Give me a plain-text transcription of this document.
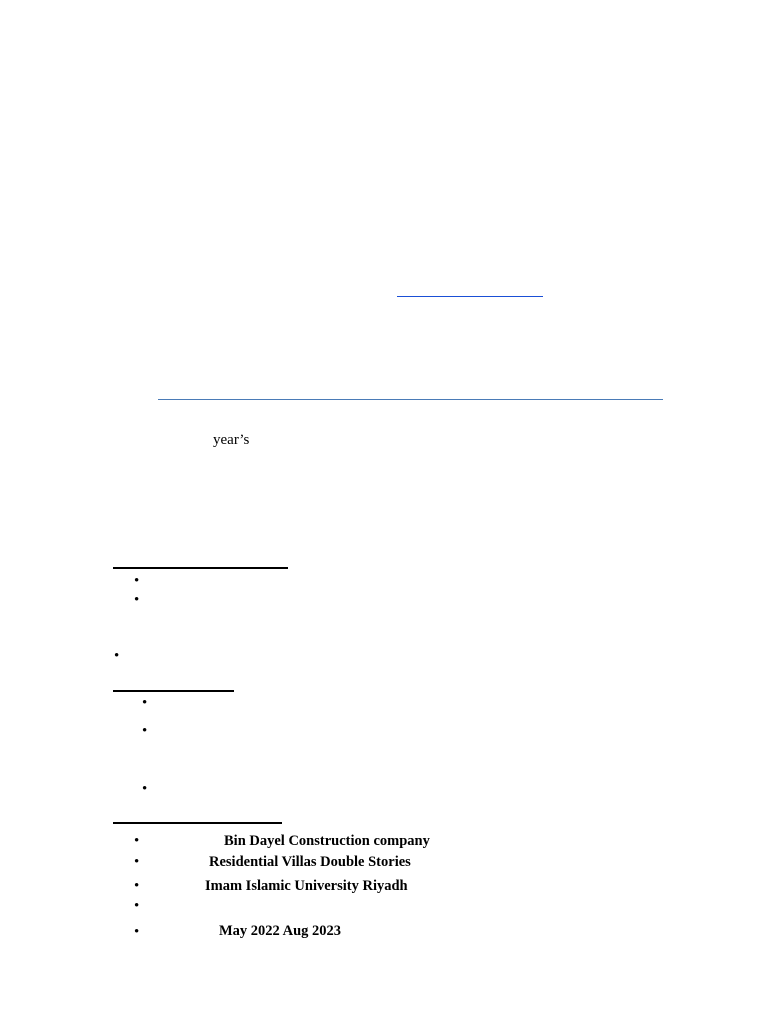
year’s
•
•
•
•
•
•
•	Bin Dayel Construction company
•	Residential Villas Double Stories
•	Imam Islamic University Riyadh
•
•	May 2022 Aug 2023
